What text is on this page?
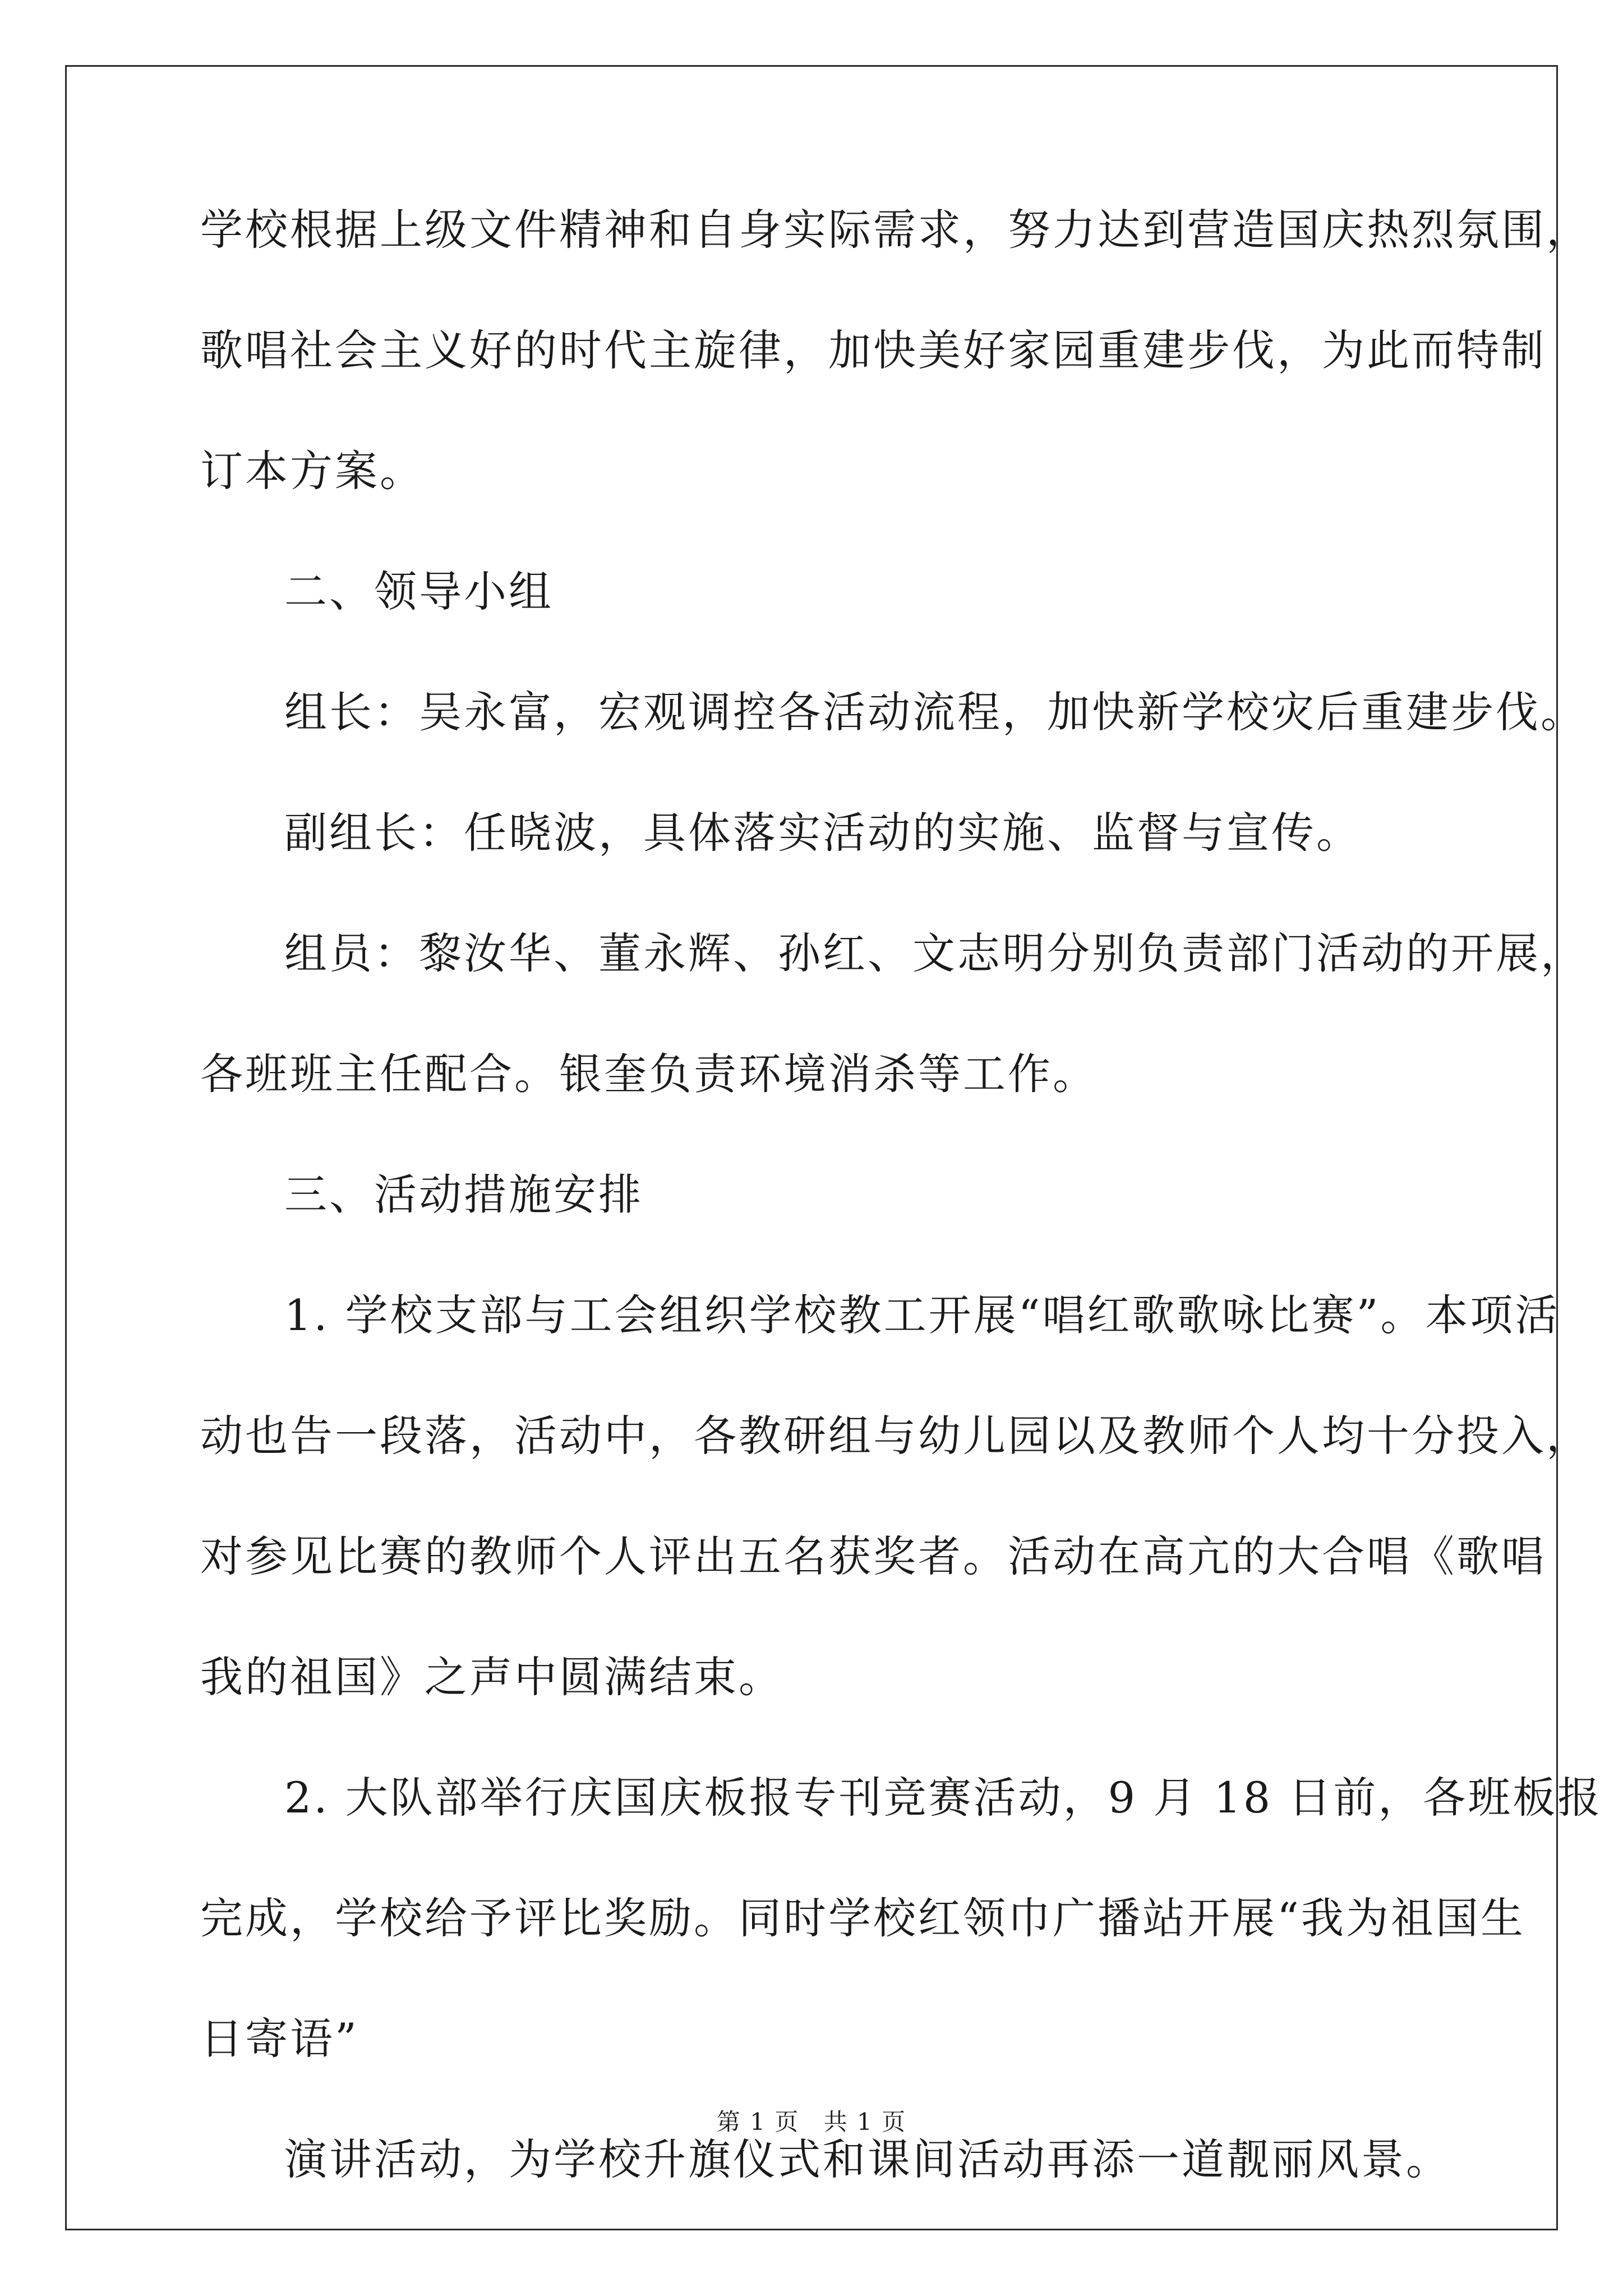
学校根据上级文件精神和自身实际需求，努力达到营造国庆热烈氛围，
歌唱社会主义好的时代主旋律，加快美好家园重建步伐，为此而特制
订本方案。
二、领导小组
组长：吴永富，宏观调控各活动流程，加快新学校灾后重建步伐。
副组长：任晓波，具体落实活动的实施、监督与宣传。
组员：黎汝华、董永辉、孙红、文志明分别负责部门活动的开展，
各班班主任配合。银奎负责环境消杀等工作。
三、活动措施安排
1. 学校支部与工会组织学校教工开展“唱红歌歌咏比赛”。本项活
动也告一段落，活动中，各教研组与幼儿园以及教师个人均十分投入，
对参见比赛的教师个人评出五名获奖者。活动在高亢的大合唱《歌唱
我的祖国》之声中圆满结束。
2. 大队部举行庆国庆板报专刊竞赛活动，9 月 18 日前，各班板报
完成，学校给予评比奖励。同时学校红领巾广播站开展“我为祖国生
日寄语”
演讲活动，为学校升旗仪式和课间活动再添一道靓丽风景。
第 1 页 共 1 页
